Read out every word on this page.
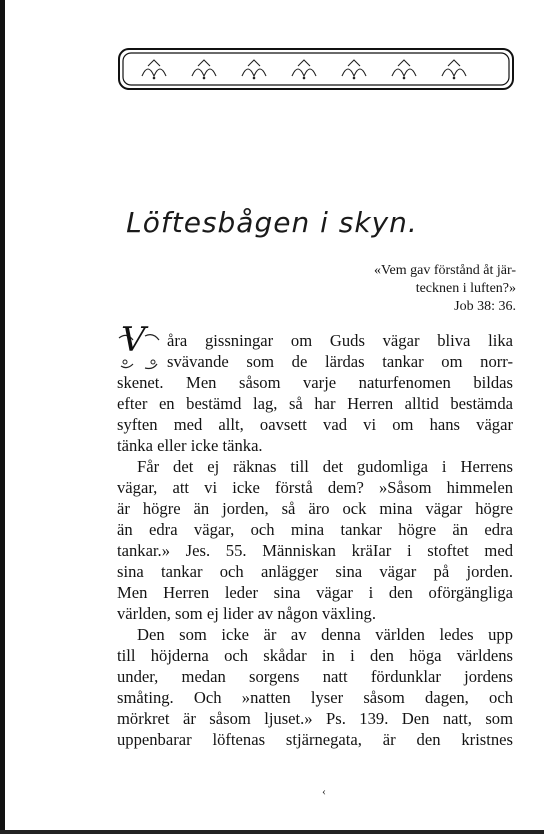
Löftesbågen i skyn.
«Vem gav förstånd åt jär-
tecknen i luften?»
Job 38: 36.
V	åra gissningar om Guds vägar bliva lika
svävande som de lärdas tankar om norr-
skenet. Men såsom varje naturfenomen bildas
efter en bestämd lag, så har Herren alltid bestämda
syften med allt, oavsett vad vi om hans vägar
tänka eller icke tänka.
Får det ej räknas till det gudomliga i Herrens
vägar, att vi icke förstå dem? »Såsom himmelen
är högre än jorden, så äro ock mina vägar högre
än edra vägar, och mina tankar högre än edra
tankar.» Jes. 55. Människan kräIar i stoftet med
sina tankar och anlägger sina vägar på jorden.
Men Herren leder sina vägar i den oförgängliga
världen, som ej lider av någon växling.
Den som icke är av denna världen ledes upp
till höjderna och skådar in i den höga världens
under, medan sorgens natt fördunklar jordens
småting. Och »natten lyser såsom dagen, och
mörkret är såsom ljuset.» Ps. 139. Den natt, som
uppenbarar löftenas stjärnegata, är den kristnes
‹
